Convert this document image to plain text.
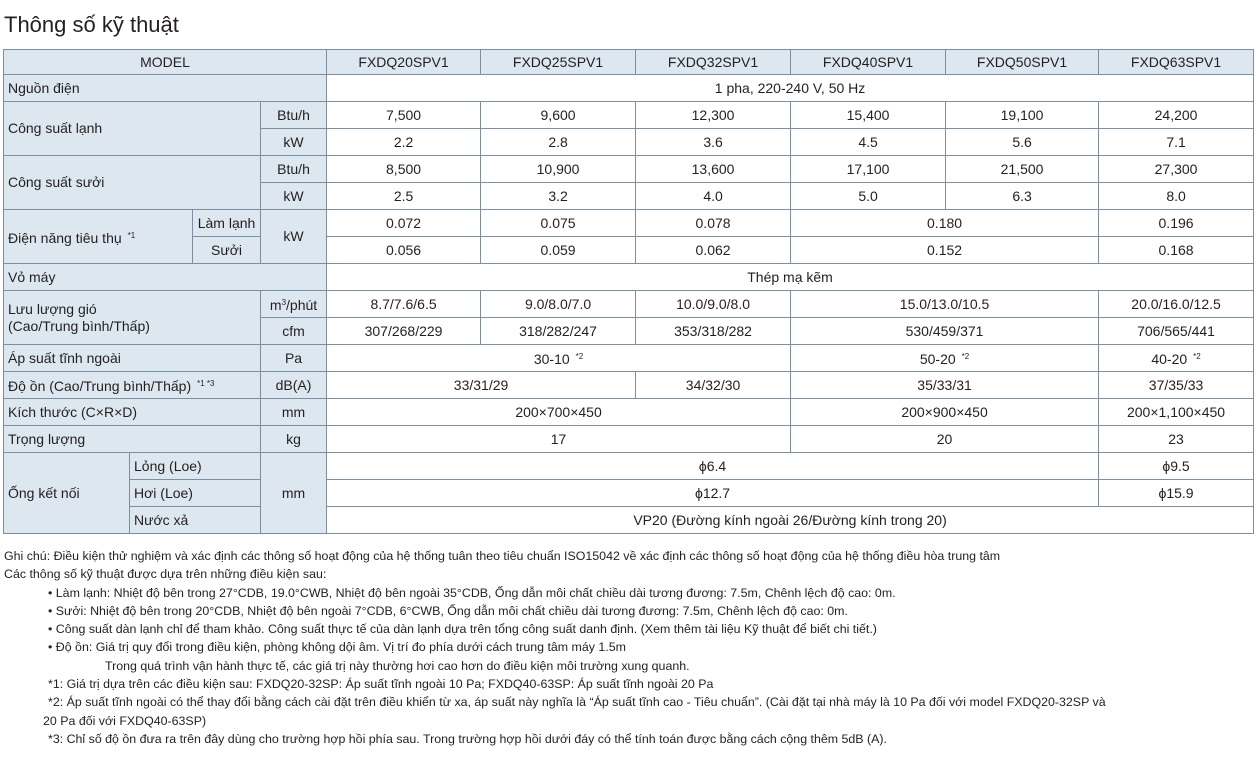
Thông số kỹ thuật
MODEL				FXDQ20SPV1	FXDQ25SPV1	FXDQ32SPV1	FXDQ40SPV1	FXDQ50SPV1	FXDQ63SPV1
Nguồn điện				1 pha, 220-240 V, 50 Hz					
Công suất lạnh			Btu/h	7,500	9,600	12,300	15,400	19,100	24,200
			kW	2.2	2.8	3.6	4.5	5.6	7.1
Công suất sưởi			Btu/h	8,500	10,900	13,600	17,100	21,500	27,300
			kW	2.5	3.2	4.0	5.0	6.3	8.0
Điện năng tiêu thụ $^{*1}$		Làm lạnh	kW	0.072	0.075	0.078	0.180		0.196
		Sưởi		0.056	0.059	0.062	0.152		0.168
Vỏ máy				Thép mạ kẽm					
Lưu lượng gió
(Cao/Trung bình/Thấp)			$m^3$/phút	8.7/7.6/6.5	9.0/8.0/7.0	10.0/9.0/8.0	15.0/13.0/10.5		20.0/16.0/12.5
			cfm	307/268/229	318/282/247	353/318/282	530/459/371		706/565/441
Áp suất tĩnh ngoài			Pa	30-10 $^{*2}$			50-20 $^{*2}$		40-20 $^{*2}$
Độ ồn (Cao/Trung bình/Thấp) $^{*1 *3}$			dB(A)	33/31/29		34/32/30	35/33/31		37/35/33
Kích thước (C×R×D)			mm	200×700×450			200×900×450		200×1,100×450
Trọng lượng			kg	17			20		23
Ống kết nối	Lỏng (Loe)		mm	ϕ6.4					ϕ9.5
	Hơi (Loe)			ϕ12.7					ϕ15.9
	Nước xả			VP20 (Đường kính ngoài 26/Đường kính trong 20)					
Ghi chú: Điều kiện thử nghiệm và xác định các thông số hoạt động của hệ thống tuân theo tiêu chuẩn ISO15042 về xác định các thông số hoạt động của hệ thống điều hòa trung tâm
Các thông số kỹ thuật được dựa trên những điều kiện sau:
• Làm lạnh: Nhiệt độ bên trong 27°CDB, 19.0°CWB, Nhiệt độ bên ngoài 35°CDB, Ống dẫn môi chất chiều dài tương đương: 7.5m, Chênh lệch độ cao: 0m.
• Sưởi: Nhiệt độ bên trong 20°CDB, Nhiệt độ bên ngoài 7°CDB, 6°CWB, Ống dẫn môi chất chiều dài tương đương: 7.5m, Chênh lệch độ cao: 0m.
• Công suất dàn lạnh chỉ để tham khảo. Công suất thực tế của dàn lạnh dựa trên tổng công suất danh định. (Xem thêm tài liệu Kỹ thuật để biết chi tiết.)
• Độ ồn: Giá trị quy đổi trong điều kiện, phòng không dội âm. Vị trí đo phía dưới cách trung tâm máy 1.5m
Trong quá trình vận hành thực tế, các giá trị này thường hơi cao hơn do điều kiện môi trường xung quanh.
*1: Giá trị dựa trên các điều kiện sau: FXDQ20-32SP: Áp suất tĩnh ngoài 10 Pa; FXDQ40-63SP: Áp suất tĩnh ngoài 20 Pa
*2: Áp suất tĩnh ngoài có thể thay đổi bằng cách cài đặt trên điều khiển từ xa, áp suất này nghĩa là “Áp suất tĩnh cao - Tiêu chuẩn”. (Cài đặt tại nhà máy là 10 Pa đối với model FXDQ20-32SP và
20 Pa đối với FXDQ40-63SP)
*3: Chỉ số độ ồn đưa ra trên đây dùng cho trường hợp hồi phía sau. Trong trường hợp hồi dưới đáy có thể tính toán được bằng cách cộng thêm 5dB (A).
